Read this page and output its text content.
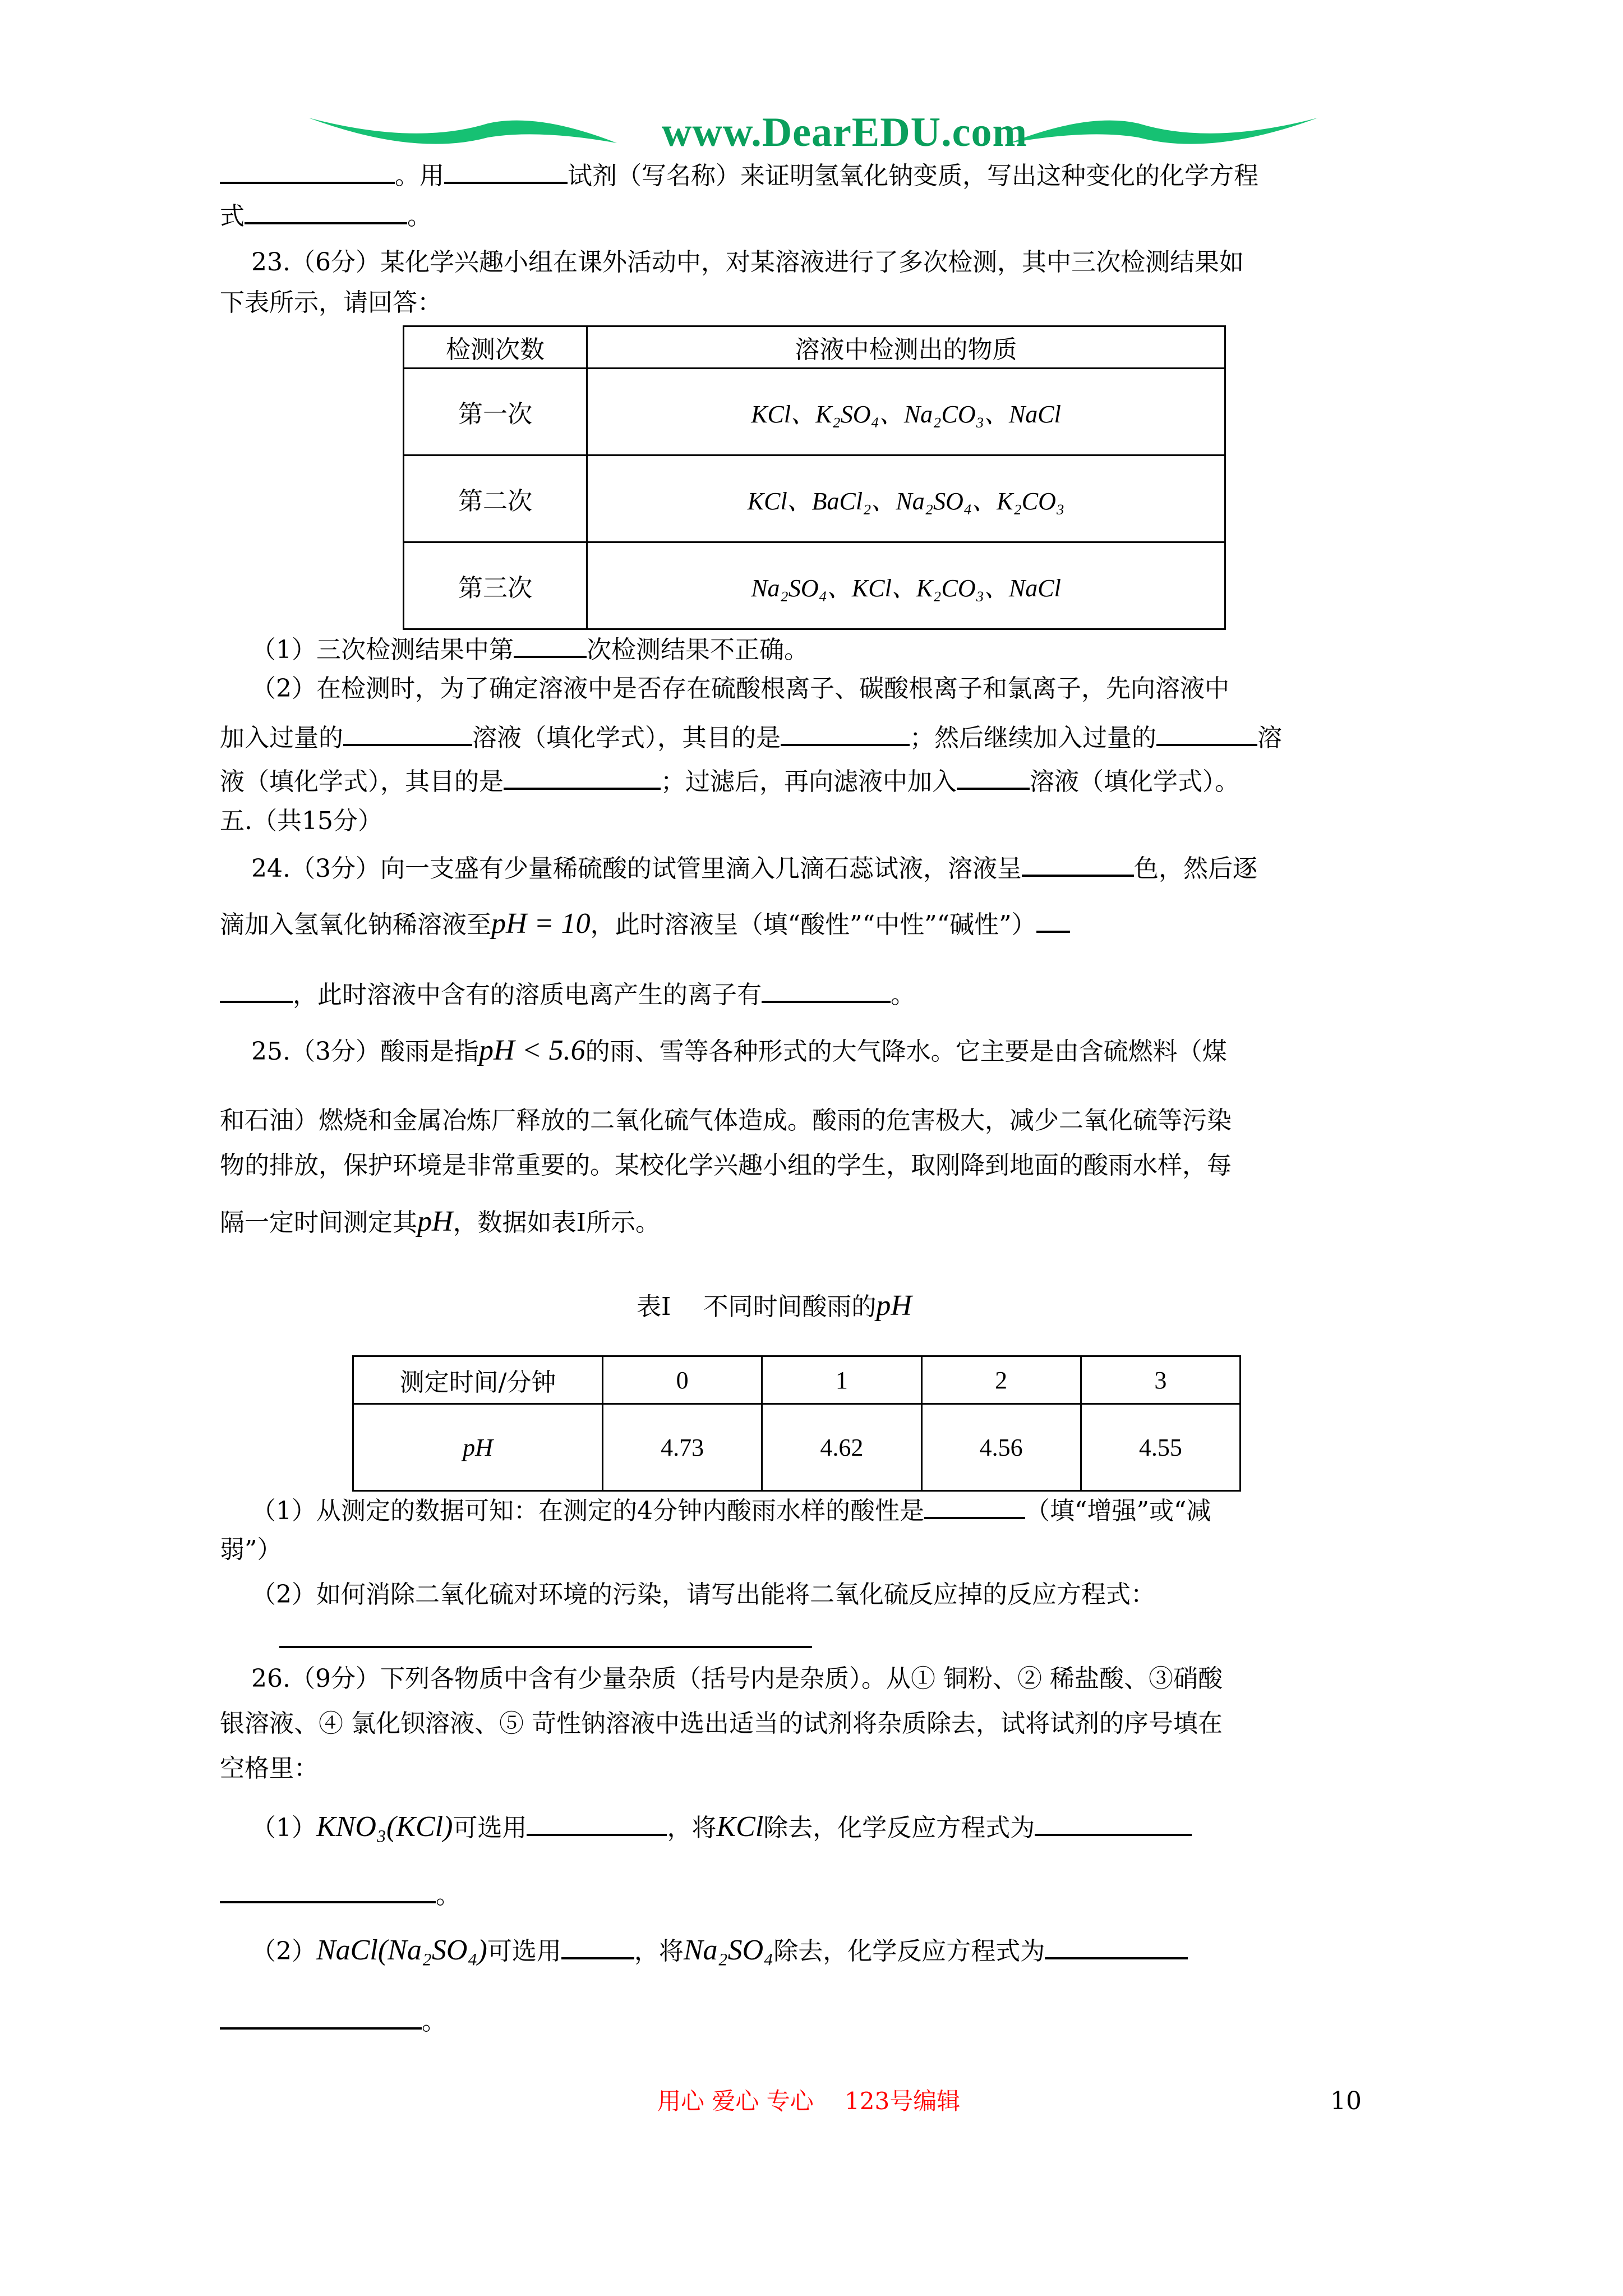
www.DearEDU.com
。用	试剂（写名称）来证明氢氧化钠变质，写出这种变化的化学方程
式	。
23.（6分）某化学兴趣小组在课外活动中，对某溶液进行了多次检测，其中三次检测结果如
下表所示，请回答：
检测次数	溶液中检测出的物质
第一次	KCl、K₂SO₄、Na₂CO₃、NaCl
第二次	KCl、BaCl₂、Na₂SO₄、K₂CO₃
第三次	Na₂SO₄、KCl、K₂CO₃、NaCl
（1）三次检测结果中第	次检测结果不正确。
（2）在检测时，为了确定溶液中是否存在硫酸根离子、碳酸根离子和氯离子，先向溶液中
加入过量的	溶液（填化学式），其目的是	；然后继续加入过量的	溶
液（填化学式），其目的是	；过滤后，再向滤液中加入	溶液（填化学式）。
五.（共15分）
24.（3分）向一支盛有少量稀硫酸的试管里滴入几滴石蕊试液，溶液呈	色，然后逐
滴加入氢氧化钠稀溶液至pH = 10，此时溶液呈（填“酸性”“中性”“碱性”）
，此时溶液中含有的溶质电离产生的离子有	。
25.（3分）酸雨是指pH < 5.6的雨、雪等各种形式的大气降水。它主要是由含硫燃料（煤
和石油）燃烧和金属冶炼厂释放的二氧化硫气体造成。酸雨的危害极大，减少二氧化硫等污染
物的排放，保护环境是非常重要的。某校化学兴趣小组的学生，取刚降到地面的酸雨水样，每
隔一定时间测定其pH，数据如表I所示。
表I　 不同时间酸雨的pH
测定时间/分钟	0	1	2	3
pH	4.73	4.62	4.56	4.55
（1）从测定的数据可知：在测定的4分钟内酸雨水样的酸性是	（填“增强”或“减
弱”）
（2）如何消除二氧化硫对环境的污染，请写出能将二氧化硫反应掉的反应方程式：
26.（9分）下列各物质中含有少量杂质（括号内是杂质）。从① 铜粉、② 稀盐酸、③硝酸
银溶液、④ 氯化钡溶液、⑤ 苛性钠溶液中选出适当的试剂将杂质除去，试将试剂的序号填在
空格里：
（1）KNO₃(KCl)可选用	，将KCl除去，化学反应方程式为
。
（2）NaCl(Na₂SO₄)可选用	，将Na₂SO₄除去，化学反应方程式为
。
用心 爱心 专心　 123号编辑	10
